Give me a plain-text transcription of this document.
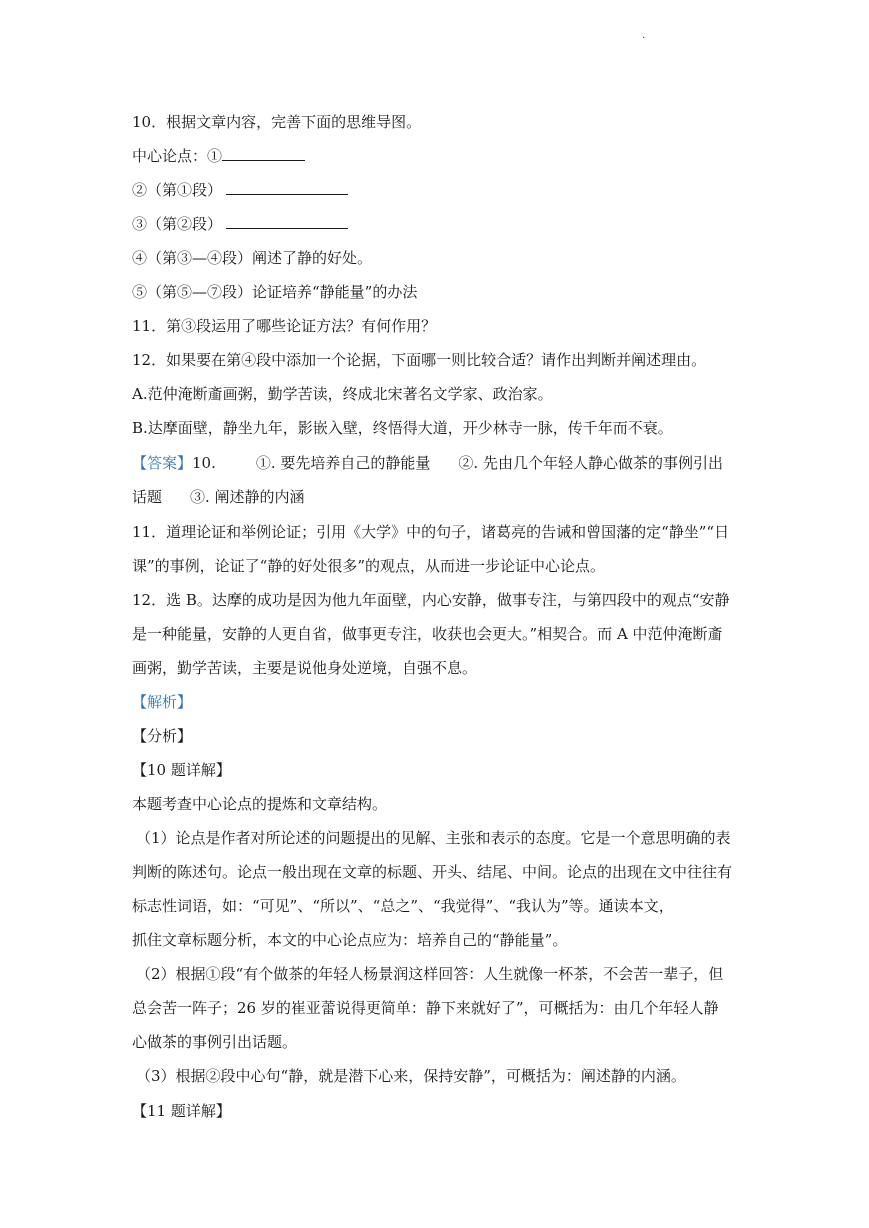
.
10．根据文章内容，完善下面的思维导图。
中心论点：①
②（第①段）
③（第②段）
④（第③—④段）阐述了静的好处。
⑤（第⑤—⑦段）论证培养“静能量”的办法
11．第③段运用了哪些论证方法？有何作用？
12．如果要在第④段中添加一个论据，下面哪一则比较合适？请作出判断并阐述理由。
A.范仲淹断齑画粥，勤学苦读，终成北宋著名文学家、政治家。
B.达摩面壁，静坐九年，影嵌入壁，终悟得大道，开少林寺一脉，传千年而不衰。
【答案】10.	①. 要先培养自己的静能量 ②. 先由几个年轻人静心做茶的事例引出
话题 ③. 阐述静的内涵
11．道理论证和举例论证；引用《大学》中的句子，诸葛亮的告诫和曾国藩的定“静坐”“日
课”的事例，论证了“静的好处很多”的观点，从而进一步论证中心论点。
12．选 B。达摩的成功是因为他九年面壁，内心安静，做事专注，与第四段中的观点“安静
是一种能量，安静的人更自省，做事更专注，收获也会更大。”相契合。而 A 中范仲淹断齑
画粥，勤学苦读，主要是说他身处逆境，自强不息。
【解析】
【分析】
【10 题详解】
本题考查中心论点的提炼和文章结构。
（1）论点是作者对所论述的问题提出的见解、主张和表示的态度。它是一个意思明确的表
判断的陈述句。论点一般出现在文章的标题、开头、结尾、中间。论点的出现在文中往往有
标志性词语，如：“可见”、“所以”、“总之”、“我觉得”、“我认为”等。通读本文，
抓住文章标题分析，本文的中心论点应为：培养自己的“静能量”。
（2）根据①段“有个做茶的年轻人杨景润这样回答：人生就像一杯茶，不会苦一辈子，但
总会苦一阵子；26 岁的崔亚蕾说得更简单：静下来就好了”，可概括为：由几个年轻人静
心做茶的事例引出话题。
（3）根据②段中心句“静，就是潜下心来，保持安静”，可概括为：阐述静的内涵。
【11 题详解】
